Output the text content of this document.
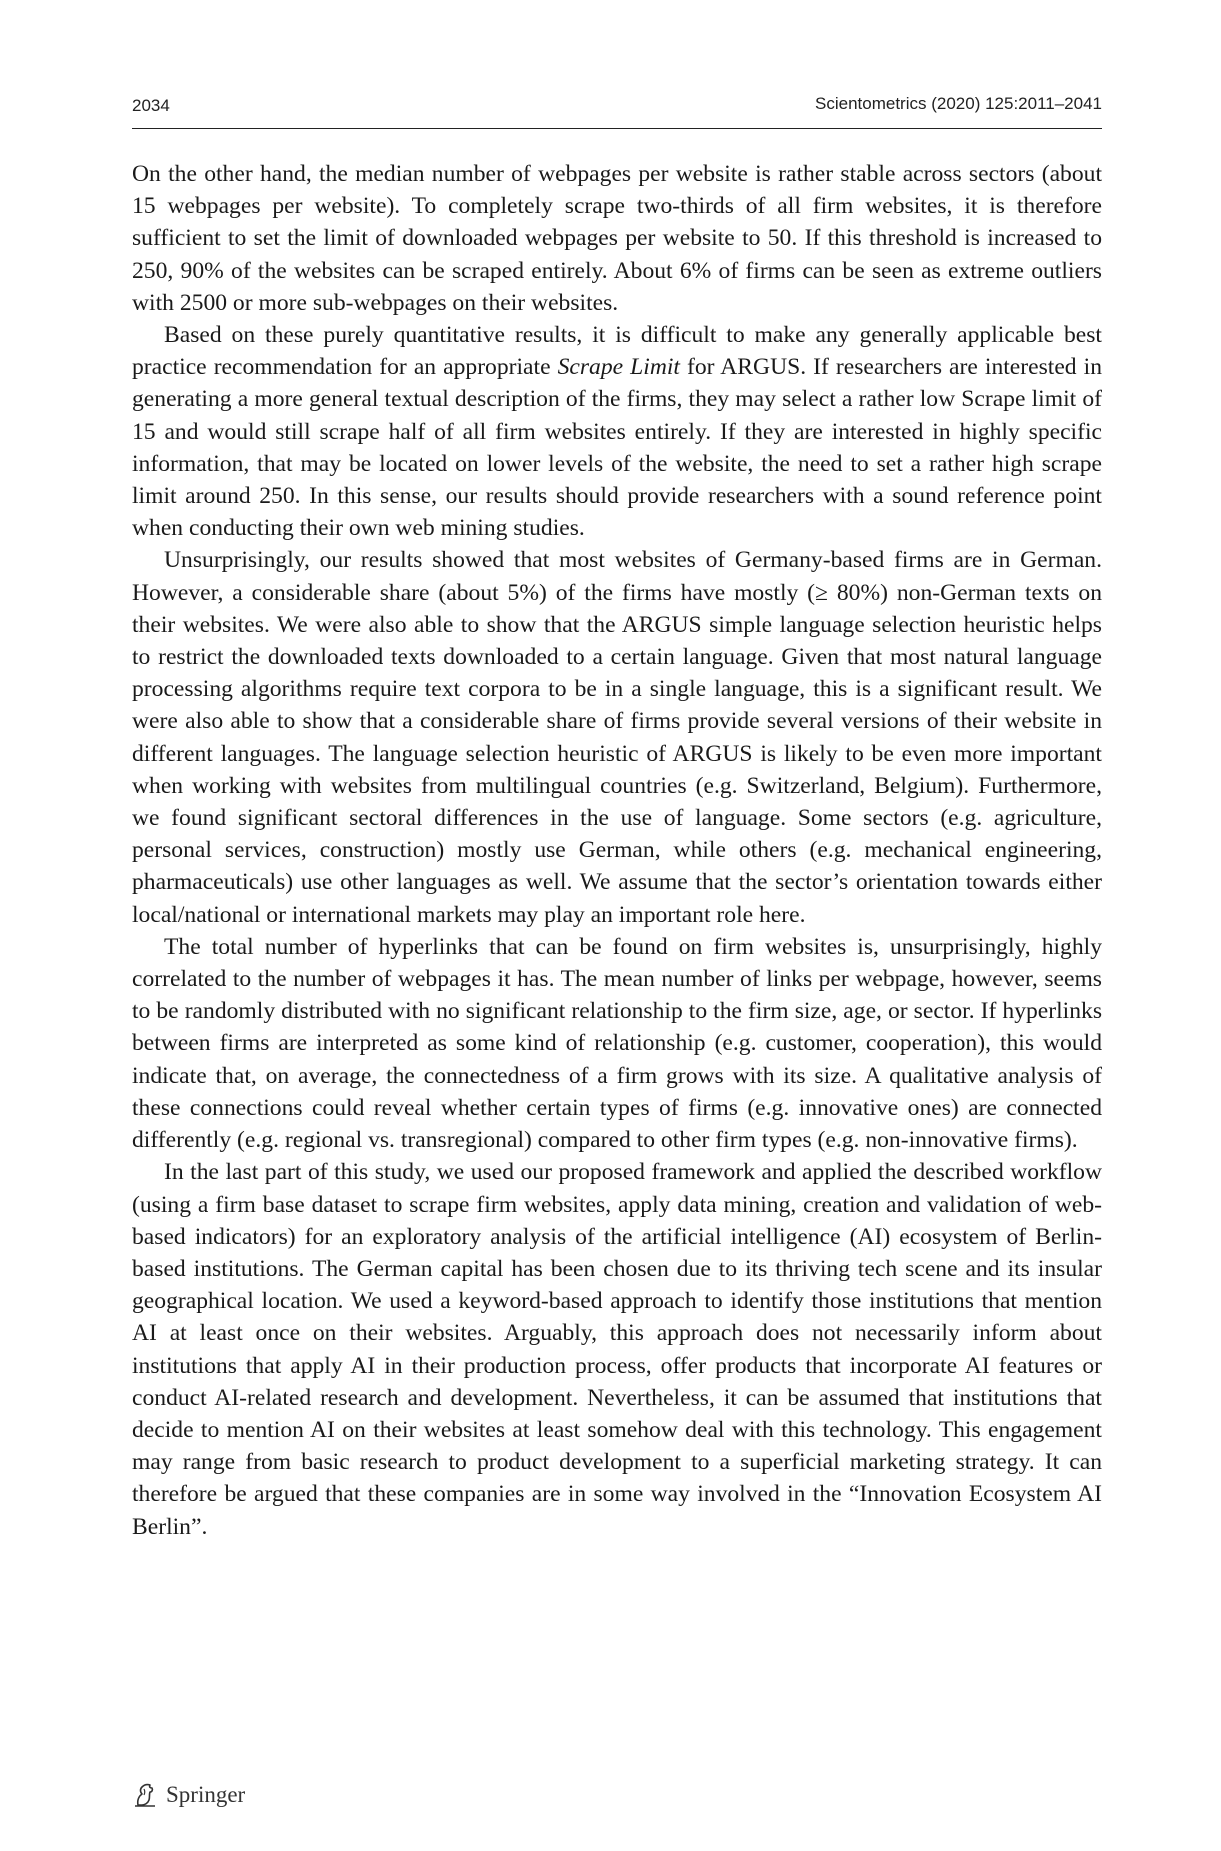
2034	Scientometrics (2020) 125:2011–2041

On the other hand, the median number of webpages per website is rather stable across sectors (about 15 webpages per website). To completely scrape two-thirds of all firm websites, it is therefore sufficient to set the limit of downloaded webpages per website to 50. If this threshold is increased to 250, 90% of the websites can be scraped entirely. About 6% of firms can be seen as extreme outliers with 2500 or more sub-webpages on their websites.

Based on these purely quantitative results, it is difficult to make any generally applicable best practice recommendation for an appropriate Scrape Limit for ARGUS. If researchers are interested in generating a more general textual description of the firms, they may select a rather low Scrape limit of 15 and would still scrape half of all firm websites entirely. If they are interested in highly specific information, that may be located on lower levels of the website, the need to set a rather high scrape limit around 250. In this sense, our results should provide researchers with a sound reference point when conducting their own web mining studies.

Unsurprisingly, our results showed that most websites of Germany-based firms are in German. However, a considerable share (about 5%) of the firms have mostly (≥ 80%) non-German texts on their websites. We were also able to show that the ARGUS simple language selection heuristic helps to restrict the downloaded texts downloaded to a certain language. Given that most natural language processing algorithms require text corpora to be in a single language, this is a significant result. We were also able to show that a considerable share of firms provide several versions of their website in different languages. The language selection heuristic of ARGUS is likely to be even more important when working with websites from multilingual countries (e.g. Switzerland, Belgium). Furthermore, we found significant sectoral differences in the use of language. Some sectors (e.g. agriculture, personal services, construction) mostly use German, while others (e.g. mechanical engineering, pharmaceuticals) use other languages as well. We assume that the sector’s orientation towards either local/national or international markets may play an important role here.

The total number of hyperlinks that can be found on firm websites is, unsurprisingly, highly correlated to the number of webpages it has. The mean number of links per webpage, however, seems to be randomly distributed with no significant relationship to the firm size, age, or sector. If hyperlinks between firms are interpreted as some kind of relationship (e.g. customer, cooperation), this would indicate that, on average, the connectedness of a firm grows with its size. A qualitative analysis of these connections could reveal whether certain types of firms (e.g. innovative ones) are connected differently (e.g. regional vs. transregional) compared to other firm types (e.g. non-innovative firms).

In the last part of this study, we used our proposed framework and applied the described workflow (using a firm base dataset to scrape firm websites, apply data mining, creation and validation of web-based indicators) for an exploratory analysis of the artificial intelligence (AI) ecosystem of Berlin-based institutions. The German capital has been chosen due to its thriving tech scene and its insular geographical location. We used a keyword-based approach to identify those institutions that mention AI at least once on their websites. Arguably, this approach does not necessarily inform about institutions that apply AI in their production process, offer products that incorporate AI features or conduct AI-related research and development. Nevertheless, it can be assumed that institutions that decide to mention AI on their websites at least somehow deal with this technology. This engagement may range from basic research to product development to a superficial marketing strategy. It can therefore be argued that these companies are in some way involved in the “Innovation Ecosystem AI Berlin”.

Springer
